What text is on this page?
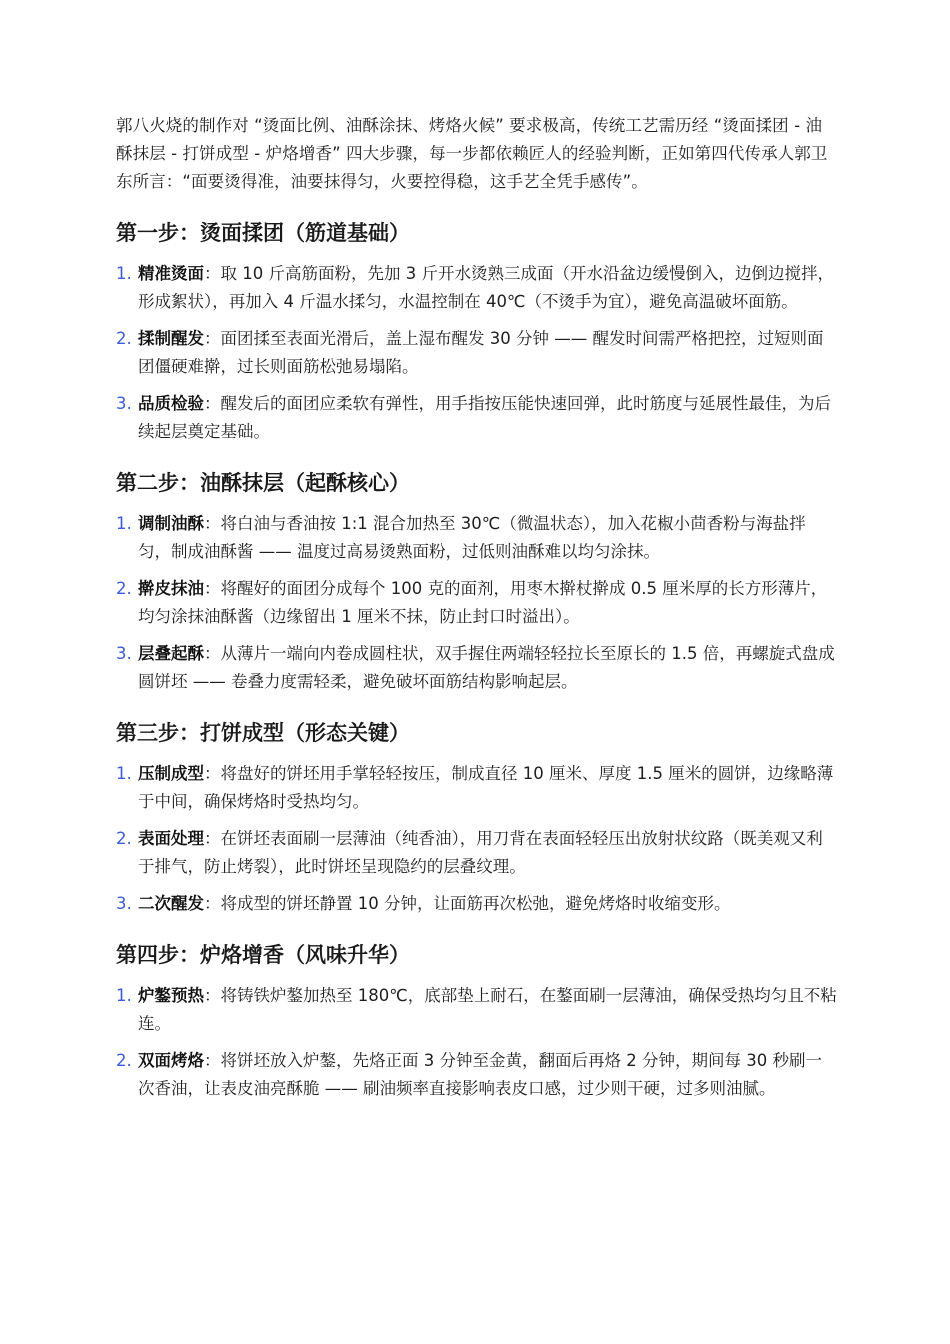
郭八火烧的制作对 “烫面比例、油酥涂抹、烤烙火候” 要求极高，传统工艺需历经 “烫面揉团 - 油酥抹层 - 打饼成型 - 炉烙增香” 四大步骤，每一步都依赖匠人的经验判断，正如第四代传承人郭卫东所言：“面要烫得准，油要抹得匀，火要控得稳，这手艺全凭手感传”。

第一步：烫面揉团（筋道基础）
1. 精准烫面：取 10 斤高筋面粉，先加 3 斤开水烫熟三成面（开水沿盆边缓慢倒入，边倒边搅拌，形成絮状），再加入 4 斤温水揉匀，水温控制在 40℃（不烫手为宜），避免高温破坏面筋。
2. 揉制醒发：面团揉至表面光滑后，盖上湿布醒发 30 分钟 —— 醒发时间需严格把控，过短则面团僵硬难擀，过长则面筋松弛易塌陷。
3. 品质检验：醒发后的面团应柔软有弹性，用手指按压能快速回弹，此时筋度与延展性最佳，为后续起层奠定基础。
第二步：油酥抹层（起酥核心）
1. 调制油酥：将白油与香油按 1:1 混合加热至 30℃（微温状态），加入花椒小茴香粉与海盐拌匀，制成油酥酱 —— 温度过高易烫熟面粉，过低则油酥难以均匀涂抹。
2. 擀皮抹油：将醒好的面团分成每个 100 克的面剂，用枣木擀杖擀成 0.5 厘米厚的长方形薄片，均匀涂抹油酥酱（边缘留出 1 厘米不抹，防止封口时溢出）。
3. 层叠起酥：从薄片一端向内卷成圆柱状，双手握住两端轻轻拉长至原长的 1.5 倍，再螺旋式盘成圆饼坯 —— 卷叠力度需轻柔，避免破坏面筋结构影响起层。
第三步：打饼成型（形态关键）
1. 压制成型：将盘好的饼坯用手掌轻轻按压，制成直径 10 厘米、厚度 1.5 厘米的圆饼，边缘略薄于中间，确保烤烙时受热均匀。
2. 表面处理：在饼坯表面刷一层薄油（纯香油），用刀背在表面轻轻压出放射状纹路（既美观又利于排气，防止烤裂），此时饼坯呈现隐约的层叠纹理。
3. 二次醒发：将成型的饼坯静置 10 分钟，让面筋再次松弛，避免烤烙时收缩变形。
第四步：炉烙增香（风味升华）
1. 炉鏊预热：将铸铁炉鏊加热至 180℃，底部垫上耐石，在鏊面刷一层薄油，确保受热均匀且不粘连。
2. 双面烤烙：将饼坯放入炉鏊，先烙正面 3 分钟至金黄，翻面后再烙 2 分钟，期间每 30 秒刷一次香油，让表皮油亮酥脆 —— 刷油频率直接影响表皮口感，过少则干硬，过多则油腻。
